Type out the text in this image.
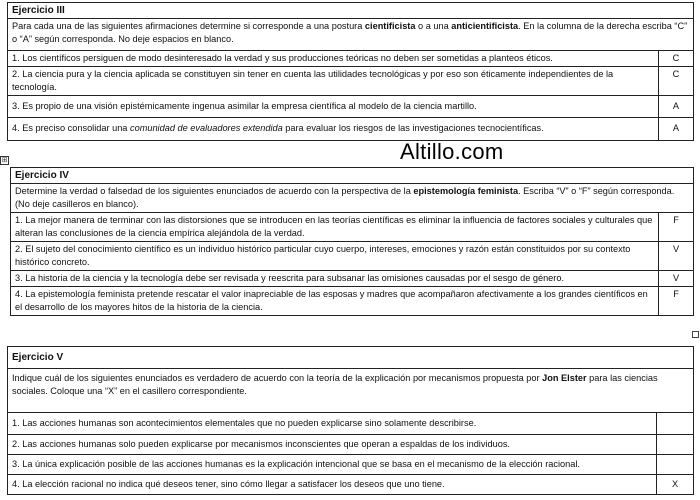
Ejercicio III	
Para cada una de las siguientes afirmaciones determine si corresponde a una postura cientificista o a una anticientificista. En la columna de la derecha escriba “C” o “A” según corresponda. No deje espacios en blanco.	
1. Los científicos persiguen de modo desinteresado la verdad y sus producciones teóricas no deben ser sometidas a planteos éticos.	C
2. La ciencia pura y la ciencia aplicada se constituyen sin tener en cuenta las utilidades tecnológicas y por eso son éticamente independientes de la tecnología.	C
3. Es propio de una visión epistémicamente ingenua asimilar la empresa científica al modelo de la ciencia martillo.	A
4. Es preciso consolidar una comunidad de evaluadores extendida para evaluar los riesgos de las investigaciones tecnocientíficas.	A
⊞	Altillo.com
Ejercicio IV	
Determine la verdad o falsedad de los siguientes enunciados de acuerdo con la perspectiva de la epistemología feminista. Escriba “V” o “F” según corresponda. (No deje casilleros en blanco).	
1. La mejor manera de terminar con las distorsiones que se introducen en las teorías científicas es eliminar la influencia de factores sociales y culturales que alteran las conclusiones de la ciencia empírica alejándola de la verdad.	F
2. El sujeto del conocimiento científico es un individuo histórico particular cuyo cuerpo, intereses, emociones y razón están constituidos por su contexto histórico concreto.	V
3. La historia de la ciencia y la tecnología debe ser revisada y reescrita para subsanar las omisiones causadas por el sesgo de género.	V
4. La epistemología feminista pretende rescatar el valor inapreciable de las esposas y madres que acompañaron afectivamente a los grandes científicos en el desarrollo de los mayores hitos de la historia de la ciencia.	F
Ejercicio V	
Indique cuál de los siguientes enunciados es verdadero de acuerdo con la teoría de la explicación por mecanismos propuesta por Jon Elster para las ciencias sociales. Coloque una “X” en el casillero correspondiente.	
1. Las acciones humanas son acontecimientos elementales que no pueden explicarse sino solamente describirse.	
2. Las acciones humanas solo pueden explicarse por mecanismos inconscientes que operan a espaldas de los individuos.	
3. La única explicación posible de las acciones humanas es la explicación intencional que se basa en el mecanismo de la elección racional.	
4. La elección racional no indica qué deseos tener, sino cómo llegar a satisfacer los deseos que uno tiene.	X
